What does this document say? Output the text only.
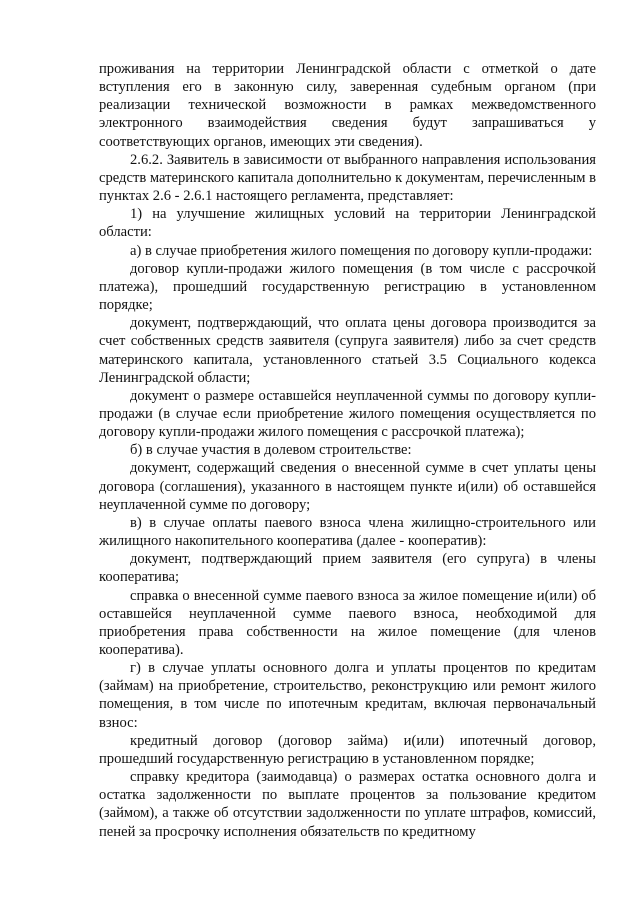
проживания на территории Ленинградской области с отметкой о дате вступления его в законную силу, заверенная судебным органом (при реализации технической возможности в рамках межведомственного электронного взаимодействия сведения будут запрашиваться у соответствующих органов, имеющих эти сведения).

2.6.2. Заявитель в зависимости от выбранного направления использования средств материнского капитала дополнительно к документам, перечисленным в пунктах 2.6 - 2.6.1 настоящего регламента, представляет:

1) на улучшение жилищных условий на территории Ленинградской области:

а) в случае приобретения жилого помещения по договору купли-продажи:

договор купли-продажи жилого помещения (в том числе с рассрочкой платежа), прошедший государственную регистрацию в установленном порядке;

документ, подтверждающий, что оплата цены договора производится за счет собственных средств заявителя (супруга заявителя) либо за счет средств материнского капитала, установленного статьей 3.5 Социального кодекса Ленинградской области;

документ о размере оставшейся неуплаченной суммы по договору купли-продажи (в случае если приобретение жилого помещения осуществляется по договору купли-продажи жилого помещения с рассрочкой платежа);

б) в случае участия в долевом строительстве:

документ, содержащий сведения о внесенной сумме в счет уплаты цены договора (соглашения), указанного в настоящем пункте и(или) об оставшейся неуплаченной сумме по договору;

в) в случае оплаты паевого взноса члена жилищно-строительного или жилищного накопительного кооператива (далее - кооператив):

документ, подтверждающий прием заявителя (его супруга) в члены кооператива;

справка о внесенной сумме паевого взноса за жилое помещение и(или) об оставшейся неуплаченной сумме паевого взноса, необходимой для приобретения права собственности на жилое помещение (для членов кооператива).

г) в случае уплаты основного долга и уплаты процентов по кредитам (займам) на приобретение, строительство, реконструкцию или ремонт жилого помещения, в том числе по ипотечным кредитам, включая первоначальный взнос:

кредитный договор (договор займа) и(или) ипотечный договор, прошедший государственную регистрацию в установленном порядке;

справку кредитора (заимодавца) о размерах остатка основного долга и остатка задолженности по выплате процентов за пользование кредитом (займом), а также об отсутствии задолженности по уплате штрафов, комиссий, пеней за просрочку исполнения обязательств по кредитному
